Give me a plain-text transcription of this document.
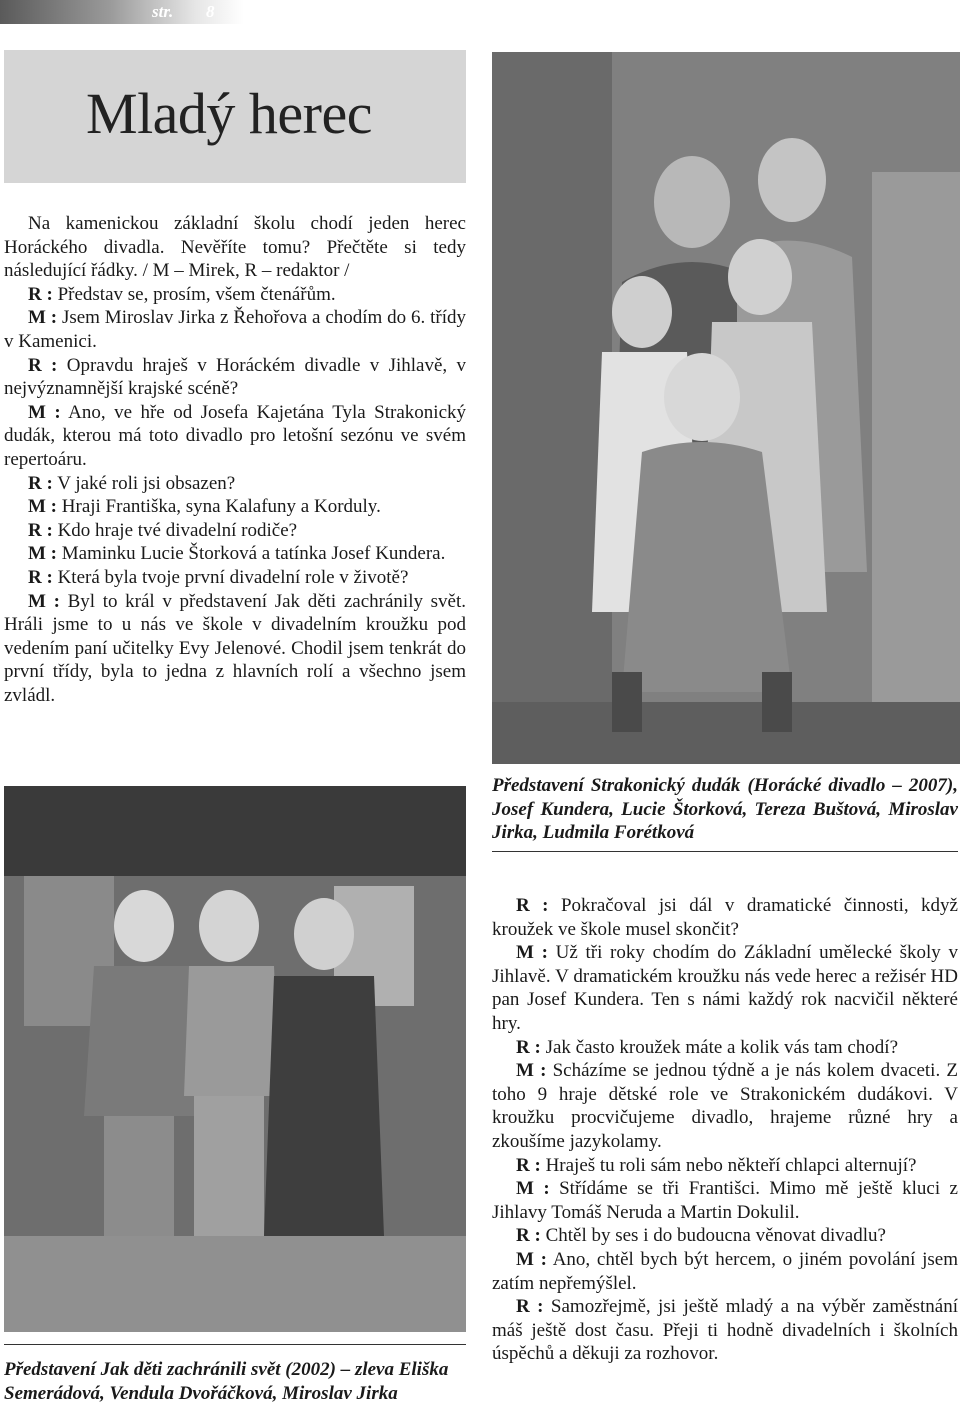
str. 8
Mladý herec

Na kamenickou základní školu chodí jeden herec Horáckého divadla. Nevěříte tomu? Přečtěte si tedy následující řádky. / M – Mirek, R – redaktor /

R : Představ se, prosím, všem čtenářům.

M : Jsem Miroslav Jirka z Řehořova a chodím do 6. třídy v Kamenici.

R : Opravdu hraješ v Horáckém divadle v Jihlavě, v nejvýznamnější krajské scéně?

M : Ano, ve hře od Josefa Kajetána Tyla Strakonický dudák, kterou má toto divadlo pro letošní sezónu ve svém repertoáru.

R : V jaké roli jsi obsazen?

M : Hraji Františka, syna Kalafuny a Korduly.

R : Kdo hraje tvé divadelní rodiče?

M : Maminku Lucie Štorková a tatínka Josef Kundera.

R : Která byla tvoje první divadelní role v životě?

M : Byl to král v představení Jak děti zachránily svět. Hráli jsme to u nás ve škole v divadelním kroužku pod vedením paní učitelky Evy Jelenové. Chodil jsem tenkrát do první třídy, byla to jedna z hlavních rolí a všechno jsem zvládl.

Představení Strakonický dudák (Horácké divadlo – 2007), Josef Kundera, Lucie Štorková, Tereza Buštová, Miroslav Jirka, Ludmila Forétková
Představení Jak děti zachránili svět (2002) – zleva Eliška Semerádová, Vendula Dvořáčková, Miroslav Jirka

R : Pokračoval jsi dál v dramatické činnosti, když kroužek ve škole musel skončit?

M : Už tři roky chodím do Základní umělecké školy v Jihlavě. V dramatickém kroužku nás vede herec a režisér HD pan Josef Kundera. Ten s námi každý rok nacvičil některé hry.

R : Jak často kroužek máte a kolik vás tam chodí?

M : Scházíme se jednou týdně a je nás kolem dvaceti. Z toho 9 hraje dětské role ve Strakonickém dudákovi. V kroužku procvičujeme divadlo, hrajeme různé hry a zkoušíme jazykolamy.

R : Hraješ tu roli sám nebo někteří chlapci alternují?

M : Střídáme se tři Františci. Mimo mě ještě kluci z Jihlavy Tomáš Neruda a Martin Dokulil.

R : Chtěl by ses i do budoucna věnovat divadlu?

M : Ano, chtěl bych být hercem, o jiném povolání jsem zatím nepřemýšlel.

R : Samozřejmě, jsi ještě mladý a na výběr zaměstnání máš ještě dost času. Přeji ti hodně divadelních i školních úspěchů a děkuji za rozhovor.
